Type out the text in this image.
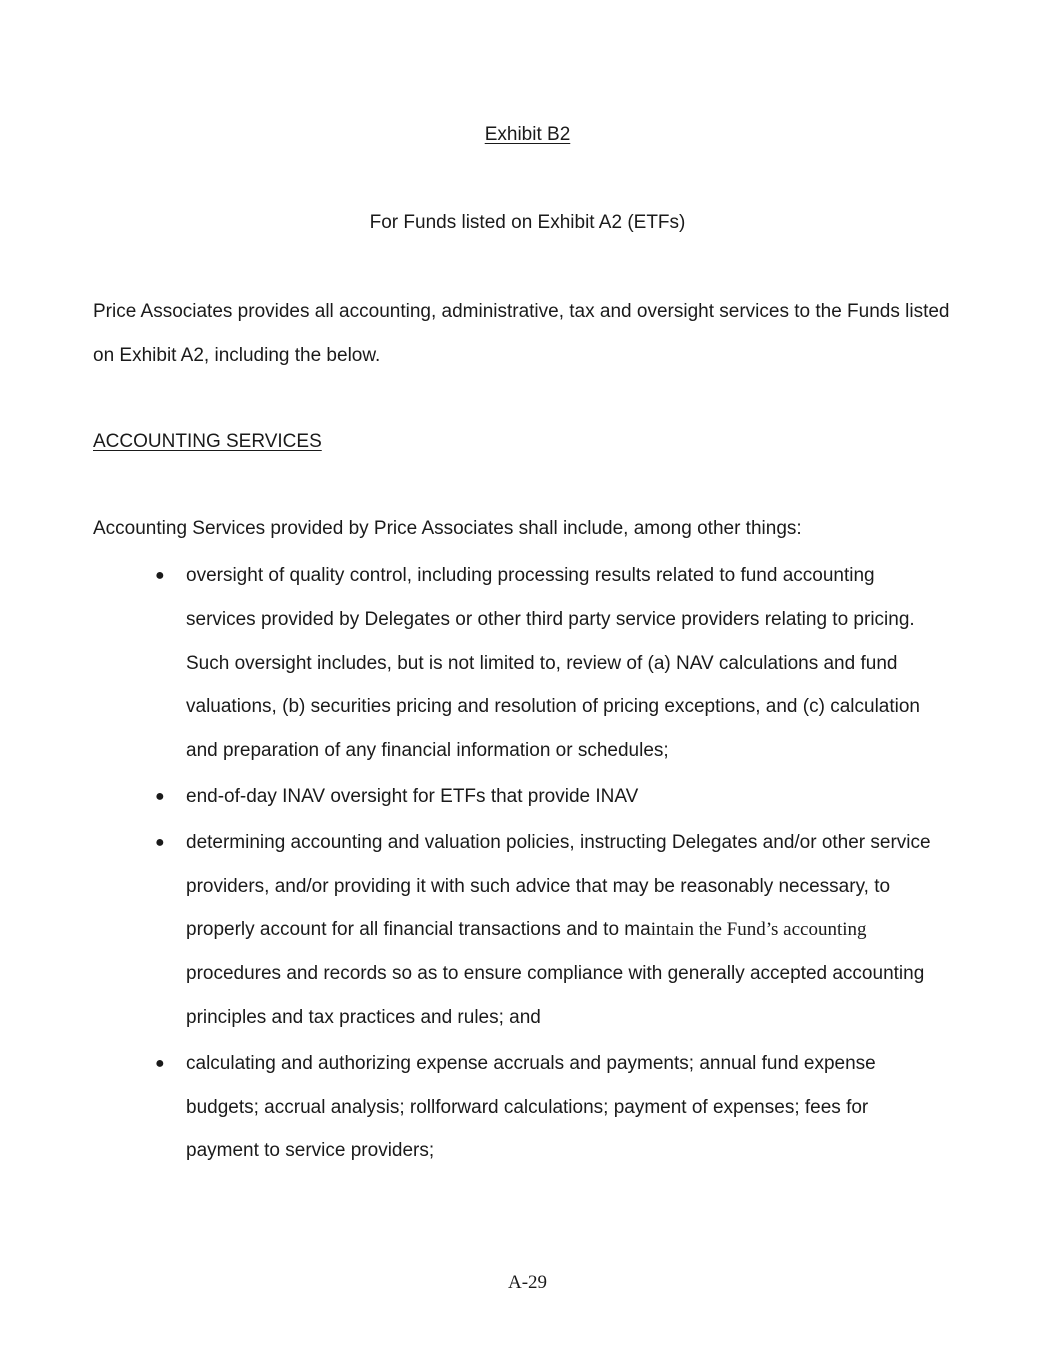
Exhibit B2
For Funds listed on Exhibit A2 (ETFs)

Price Associates provides all accounting, administrative, tax and oversight services to the Funds listed on Exhibit A2, including the below.

ACCOUNTING SERVICES

Accounting Services provided by Price Associates shall include, among other things:

● oversight of quality control, including processing results related to fund accounting services provided by Delegates or other third party service providers relating to pricing. Such oversight includes, but is not limited to, review of (a) NAV calculations and fund valuations, (b) securities pricing and resolution of pricing exceptions, and (c) calculation and preparation of any financial information or schedules;
● end-of-day INAV oversight for ETFs that provide INAV
● determining accounting and valuation policies, instructing Delegates and/or other service providers, and/or providing it with such advice that may be reasonably necessary, to properly account for all financial transactions and to maintain the Fund’s accounting procedures and records so as to ensure compliance with generally accepted accounting principles and tax practices and rules; and
● calculating and authorizing expense accruals and payments; annual fund expense budgets; accrual analysis; rollforward calculations; payment of expenses; fees for payment to service providers;
A-29
